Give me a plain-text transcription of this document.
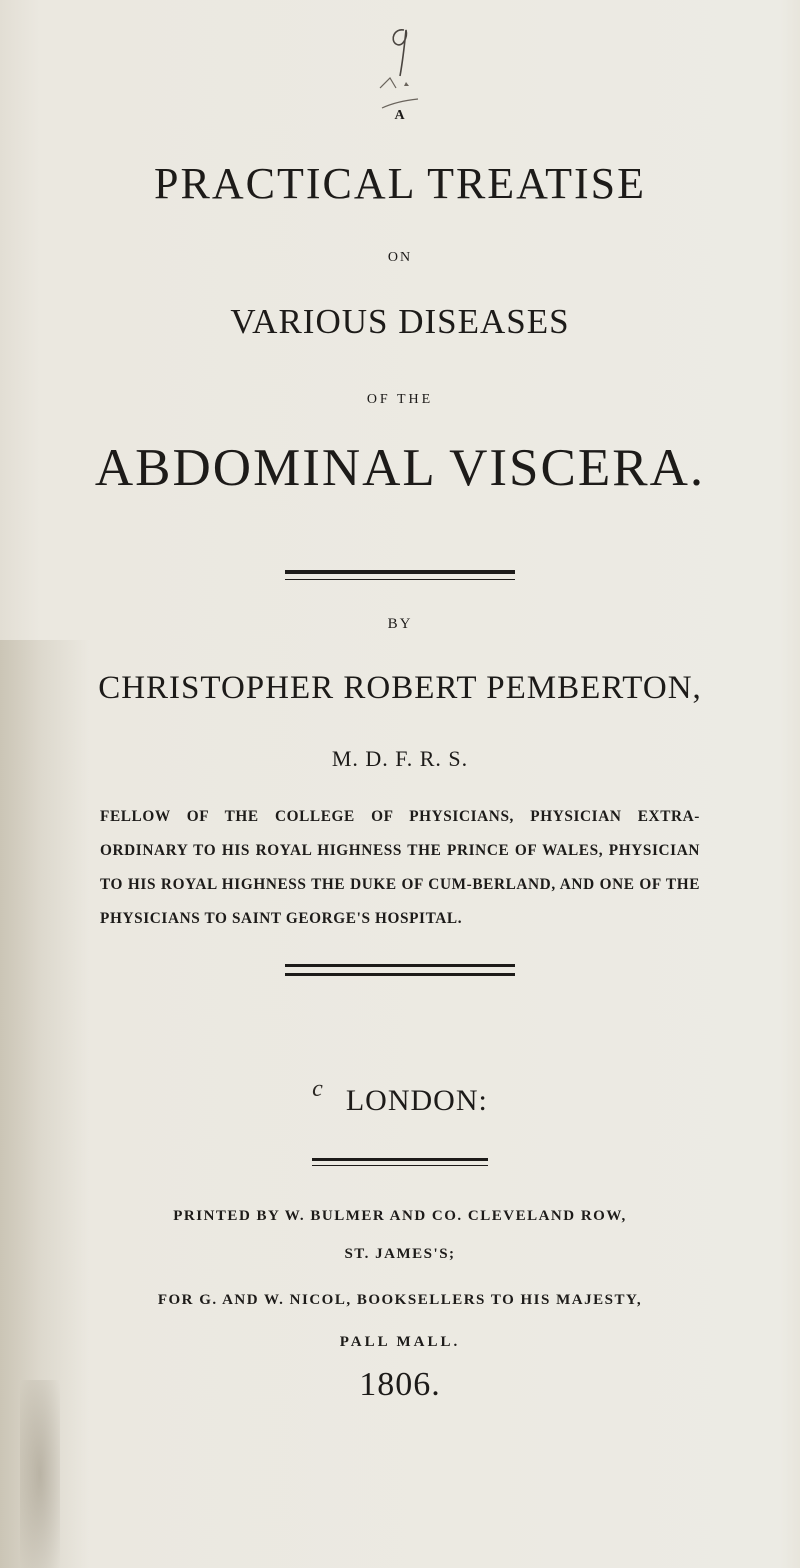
A
PRACTICAL TREATISE
ON
VARIOUS DISEASES
OF THE
ABDOMINAL VISCERA.
BY
CHRISTOPHER ROBERT PEMBERTON,
M. D. F. R. S.
FELLOW OF THE COLLEGE OF PHYSICIANS, PHYSICIAN EXTRA-ORDINARY TO HIS ROYAL HIGHNESS THE PRINCE OF WALES, PHYSICIAN TO HIS ROYAL HIGHNESS THE DUKE OF CUM-BERLAND, AND ONE OF THE PHYSICIANS TO SAINT GEORGE'S HOSPITAL.
$^c$ LONDON:
PRINTED BY W. BULMER AND CO. CLEVELAND ROW,
ST. JAMES'S;
FOR G. AND W. NICOL, BOOKSELLERS TO HIS MAJESTY,
PALL MALL.
1806.
